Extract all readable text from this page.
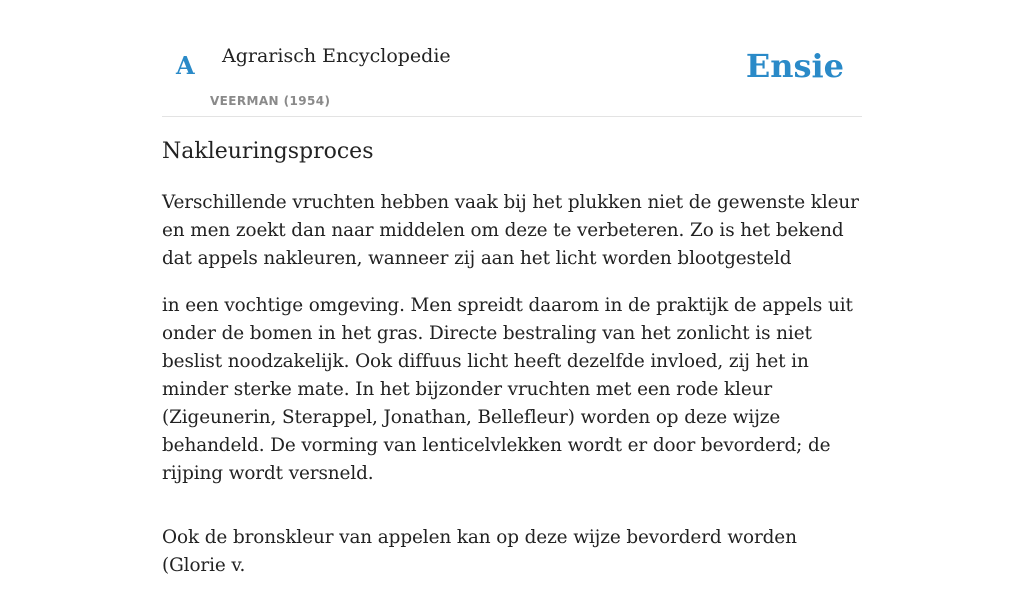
A Agrarisch Encyclopedie
VEERMAN (1954)
Ensie
Nakleuringsproces

Verschillende vruchten hebben vaak bij het plukken niet de gewenste kleur en men zoekt dan naar middelen om deze te verbeteren. Zo is het bekend dat appels nakleuren, wanneer zij aan het licht worden blootgesteld

in een vochtige omgeving. Men spreidt daarom in de praktijk de appels uit onder de bomen in het gras. Directe bestraling van het zonlicht is niet beslist noodzakelijk. Ook diffuus licht heeft dezelfde invloed, zij het in minder sterke mate. In het bijzonder vruchten met een rode kleur (Zigeunerin, Sterappel, Jonathan, Bellefleur) worden op deze wijze behandeld. De vorming van lenticelvlekken wordt er door bevorderd; de rijping wordt versneld.

Ook de bronskleur van appelen kan op deze wijze bevorderd worden (Glorie v.
